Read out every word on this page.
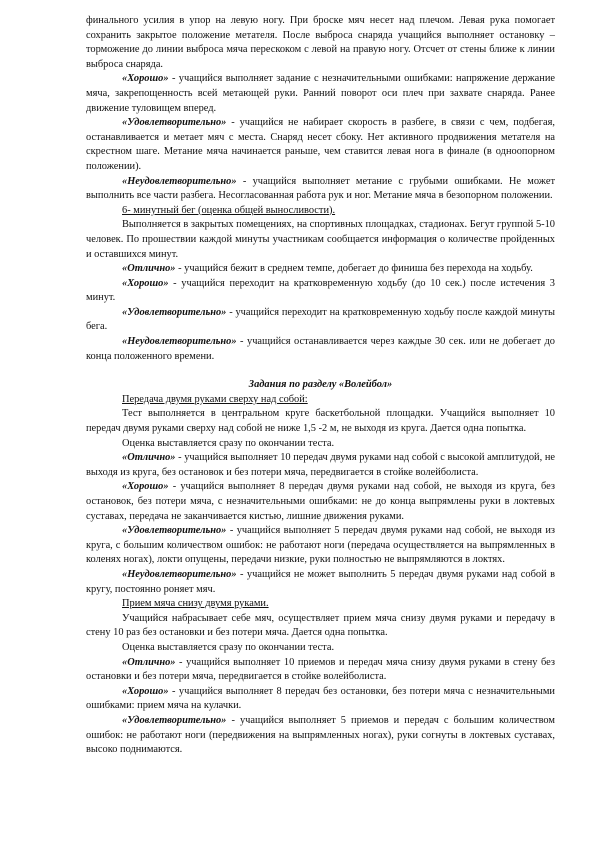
финального усилия в упор на левую ногу. При броске мяч несет над плечом. Левая рука помогает сохранить закрытое положение метателя. После выброса снаряда учащийся выполняет остановку – торможение до линии выброса мяча перескоком с левой на правую ногу. Отсчет от стены ближе к линии выброса снаряда.

«Хорошо» - учащийся выполняет задание с незначительными ошибками: напряжение держание мяча, закрепощенность всей метающей руки. Ранний поворот оси плеч при захвате снаряда. Ранее движение туловищем вперед.

«Удовлетворительно» - учащийся не набирает скорость в разбеге, в связи с чем, подбегая, останавливается и метает мяч с места. Снаряд несет сбоку. Нет активного продвижения метателя на скрестном шаге. Метание мяча начинается раньше, чем ставится левая нога в финале (в одноопорном положении).

«Неудовлетворительно» - учащийся выполняет метание с грубыми ошибками. Не может выполнить все части разбега. Несогласованная работа рук и ног. Метание мяча в безопорном положении.

6- минутный бег (оценка общей выносливости).

Выполняется в закрытых помещениях, на спортивных площадках, стадионах. Бегут группой 5-10 человек. По прошествии каждой минуты участникам сообщается информация о количестве пройденных и оставшихся минут.

«Отлично» - учащийся бежит в среднем темпе, добегает до финиша без перехода на ходьбу.

«Хорошо» - учащийся переходит на кратковременную ходьбу (до 10 сек.) после истечения 3 минут.

«Удовлетворительно» - учащийся переходит на кратковременную ходьбу после каждой минуты бега.

«Неудовлетворительно» - учащийся останавливается через каждые 30 сек. или не добегает до конца положенного времени.

Задания по разделу «Волейбол»

Передача двумя руками сверху над собой:

Тест выполняется в центральном круге баскетбольной площадки. Учащийся выполняет 10 передач двумя руками сверху над собой не ниже 1,5 -2 м, не выходя из круга. Дается одна попытка.

Оценка выставляется сразу по окончании теста.

«Отлично» - учащийся выполняет 10 передач двумя руками над собой с высокой амплитудой, не выходя из круга, без остановок и без потери мяча, передвигается в стойке волейболиста.

«Хорошо» - учащийся выполняет 8 передач двумя руками над собой, не выходя из круга, без остановок, без потери мяча, с незначительными ошибками: не до конца выпрямлены руки в локтевых суставах, передача не заканчивается кистью, лишние движения руками.

«Удовлетворительно» - учащийся выполняет 5 передач двумя руками над собой, не выходя из круга, с большим количеством ошибок: не работают ноги (передача осуществляется на выпрямленных в коленях ногах), локти опущены, передачи низкие, руки полностью не выпрямляются в локтях.

«Неудовлетворительно» - учащийся не может выполнить 5 передач двумя руками над собой в кругу, постоянно роняет мяч.

Прием мяча снизу двумя руками.

Учащийся набрасывает себе мяч, осуществляет прием мяча снизу двумя руками и передачу в стену 10 раз без остановки и без потери мяча. Дается одна попытка.

Оценка выставляется сразу по окончании теста.

«Отлично» - учащийся выполняет 10 приемов и передач мяча снизу двумя руками в стену без остановки и без потери мяча, передвигается в стойке волейболиста.

«Хорошо» - учащийся выполняет 8 передач без остановки, без потери мяча с незначительными ошибками: прием мяча на кулачки.

«Удовлетворительно» - учащийся выполняет 5 приемов и передач с большим количеством ошибок: не работают ноги (передвижения на выпрямленных ногах), руки согнуты в локтевых суставах, высоко поднимаются.
